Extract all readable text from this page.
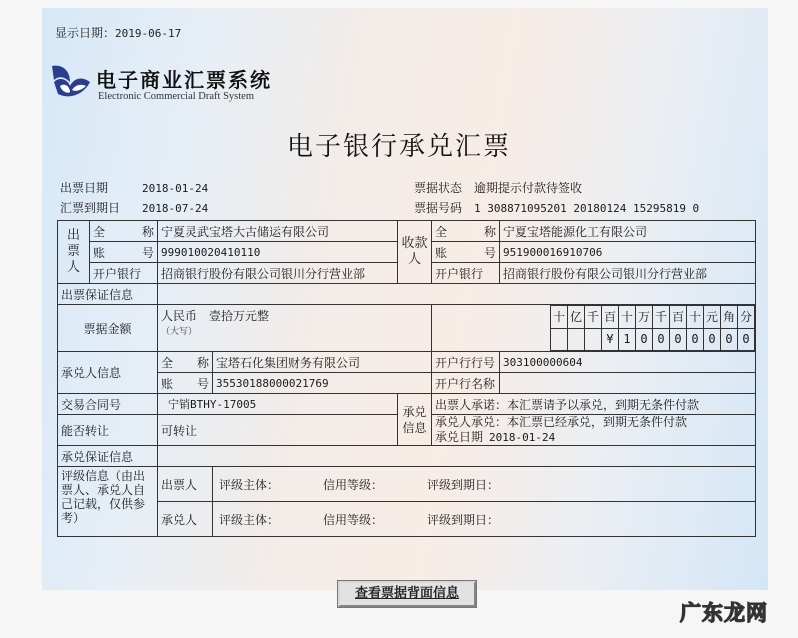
显示日期：2019-06-17
电子商业汇票系统
Electronic Commercial Draft System
电子银行承兑汇票
出票日期	2018-01-24
汇票到期日 2018-07-24
票据状态 逾期提示付款待签收
票据号码 1 308871095201 20180124 15295819 0
出票人	
全	称	宁夏灵武宝塔大古储运有限公司	收款人	
全	称	宁夏宝塔能源化工有限公司

账	号	999010020410110	账	号	951900016910706
开户银行	招商银行股份有限公司银川分行营业部	开户银行	招商银行股份有限公司银川分行营业部
出票保证信息	
票据金额	
人民币 壹拾万元整
（大写）

十	亿	千	百	十	万	千	百	十	元	角	分
			¥	1	0	0	0	0	0	0	0

承兑人信息	
全 称	宝塔石化集团财务有限公司	开户行行号	303100000604

账 号	3553018800002176​9	开户行名称	
交易合同号	宁销BTHY-17005	承兑信息	出票人承诺：本汇票请予以承兑，到期无条件付款
能否转让	可转让	
承兑人承兑：本汇票已经承兑，到期无条件付款
承兑日期 2018-01-24

承兑保证信息	
评级信息（由出票人、承兑人自己记载，仅供参考）	出票人	评级主体：	信用等级：	评级到期日：
承兑人	评级主体：	信用等级：	评级到期日：
查看票据背面信息
广东龙网
